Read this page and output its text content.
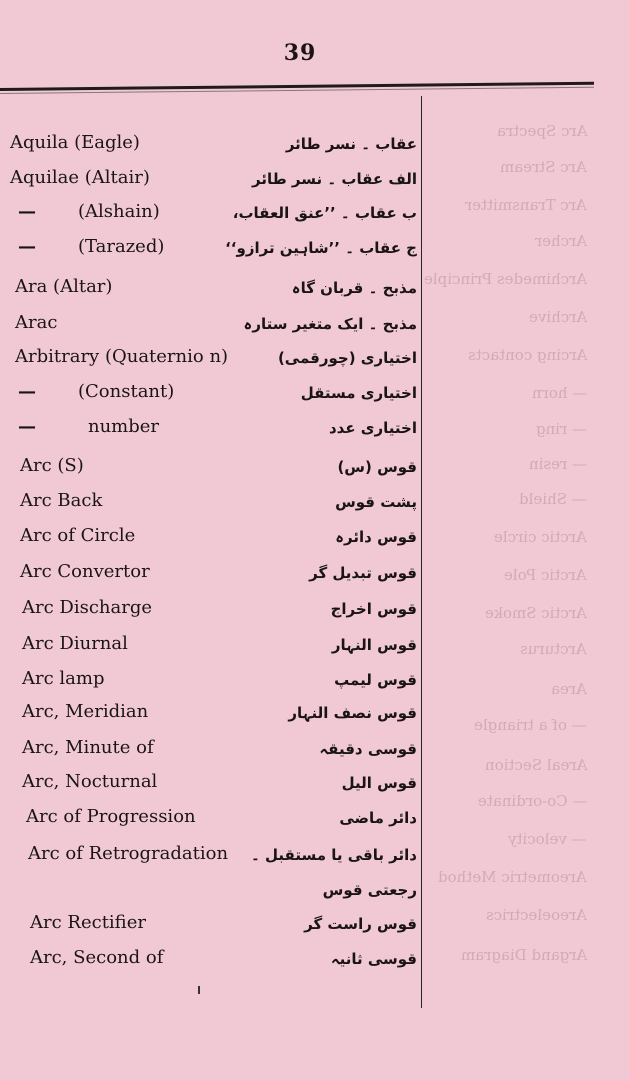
39
Arc Spectra
Arc Stream
Arc Transmitter
Archer
Archimedes Principle
Archive
Arcing contacts
— horn
— ring
— resin
— Shield
Arctic circle
Arctic Pole
Arctic Smoke
Arcturus
Area
— of a triangle
Areal Section
— Co-ordinate
— velocity
Areometric Method
Areoelectrics
Argand Diagram
Aquila (Eagle)	عقاب ۔ نسر طائر
Aquilae (Altair)	الف عقاب ۔ نسر طائر
— (Alshain)	ب عقاب ۔ ’’عنق العقاب،
— (Tarazed)	ج عقاب ۔ ’’شاہین ترازو‘‘
Ara (Altar)	مذبح ۔ قربان گاہ
Arac	مذبح ۔ ایک متغیر ستارہ
Arbitrary (Quaternio n)	اختیاری (چورقمی)
— (Constant)	اختیاری مستقل
—	number	اختیاری عدد
Arc (S)	قوس (س)
Arc Back	پشت قوس
Arc of Circle	قوس دائرہ
Arc Convertor	قوس تبدیل گر
Arc Discharge	قوس اخراج
Arc Diurnal	قوس النہار
Arc lamp	قوس لیمپ
Arc, Meridian	قوس نصف النہار
Arc, Minute of	قوسی دقیقہ
Arc, Nocturnal	قوس الیل
Arc of Progression	دائر ماضی
Arc of Retrogradation دائر باقی یا مستقبل ۔
رجعتی قوس
Arc Rectifier	قوس راست گر
Arc, Second of	قوسی ثانیہ
